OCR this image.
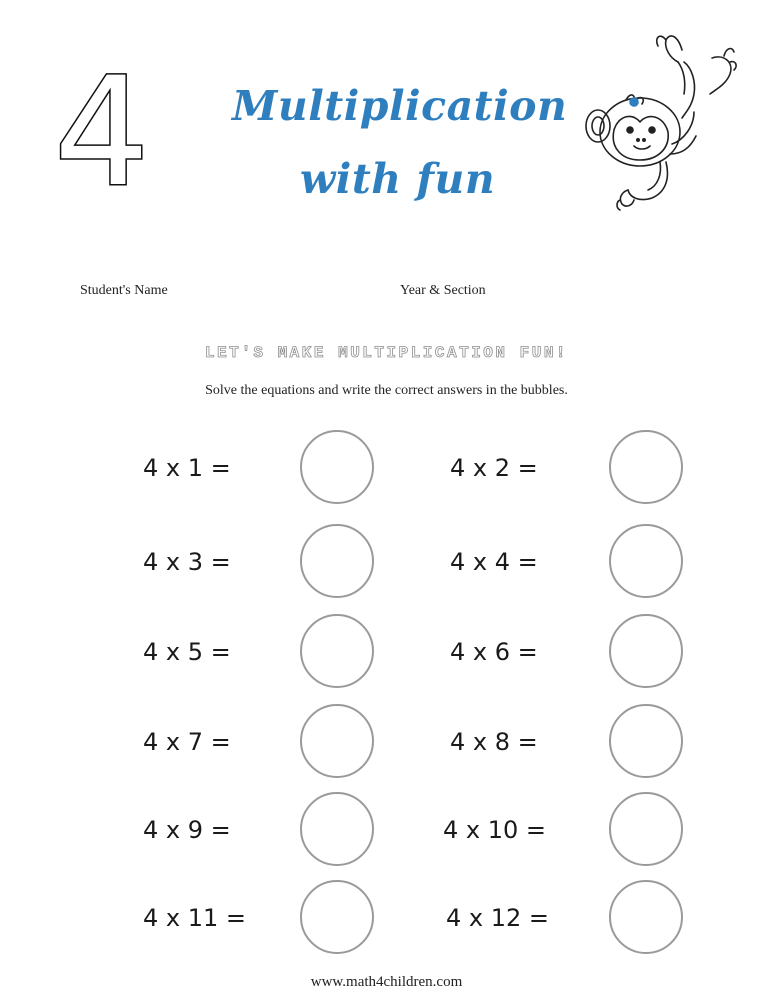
4 Multiplication
with fun
Student's Name	Year & Section
LET'S MAKE MULTIPLICATION FUN!
Solve the equations and write the correct answers in the bubbles.
4 x 1 =	4 x 2 =
4 x 3 =	4 x 4 =
4 x 5 =	4 x 6 =
4 x 7 =	4 x 8 =
4 x 9 =	4 x 10 =
4 x 11 =	4 x 12 =
www.math4children.com
